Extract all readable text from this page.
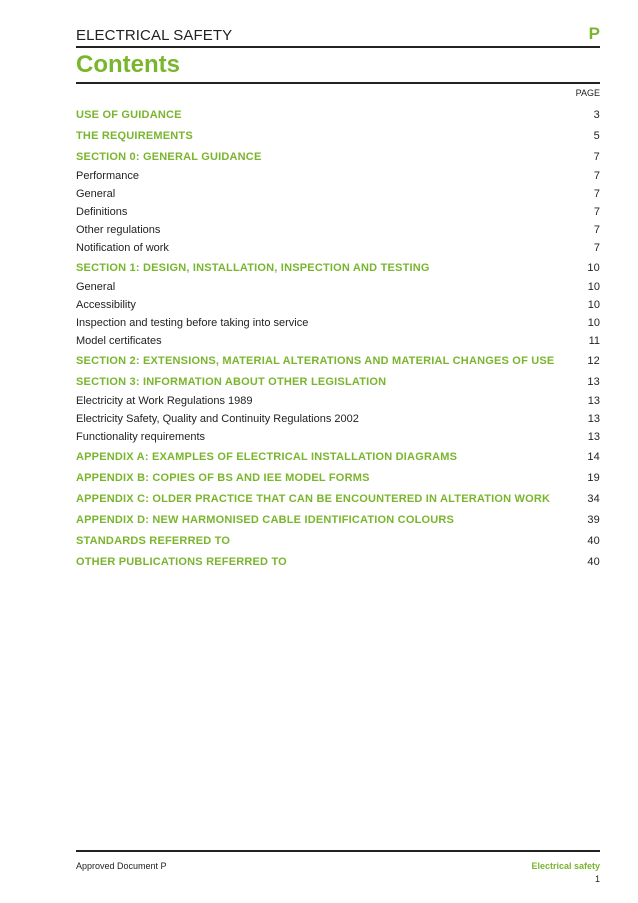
ELECTRICAL SAFETY	P
Contents
PAGE
USE OF GUIDANCE	3
THE REQUIREMENTS	5
SECTION 0: GENERAL GUIDANCE	7
Performance	7
General	7
Definitions	7
Other regulations	7
Notification of work	7
SECTION 1: DESIGN, INSTALLATION, INSPECTION AND TESTING	10
General	10
Accessibility	10
Inspection and testing before taking into service	10
Model certificates	11
SECTION 2: EXTENSIONS, MATERIAL ALTERATIONS AND MATERIAL CHANGES OF USE	12
SECTION 3: INFORMATION ABOUT OTHER LEGISLATION	13
Electricity at Work Regulations 1989	13
Electricity Safety, Quality and Continuity Regulations 2002	13
Functionality requirements	13
APPENDIX A: EXAMPLES OF ELECTRICAL INSTALLATION DIAGRAMS	14
APPENDIX B: COPIES OF BS AND IEE MODEL FORMS	19
APPENDIX C: OLDER PRACTICE THAT CAN BE ENCOUNTERED IN ALTERATION WORK	34
APPENDIX D: NEW HARMONISED CABLE IDENTIFICATION COLOURS	39
STANDARDS REFERRED TO	40
OTHER PUBLICATIONS REFERRED TO	40
Approved Document P	Electrical safety
1
